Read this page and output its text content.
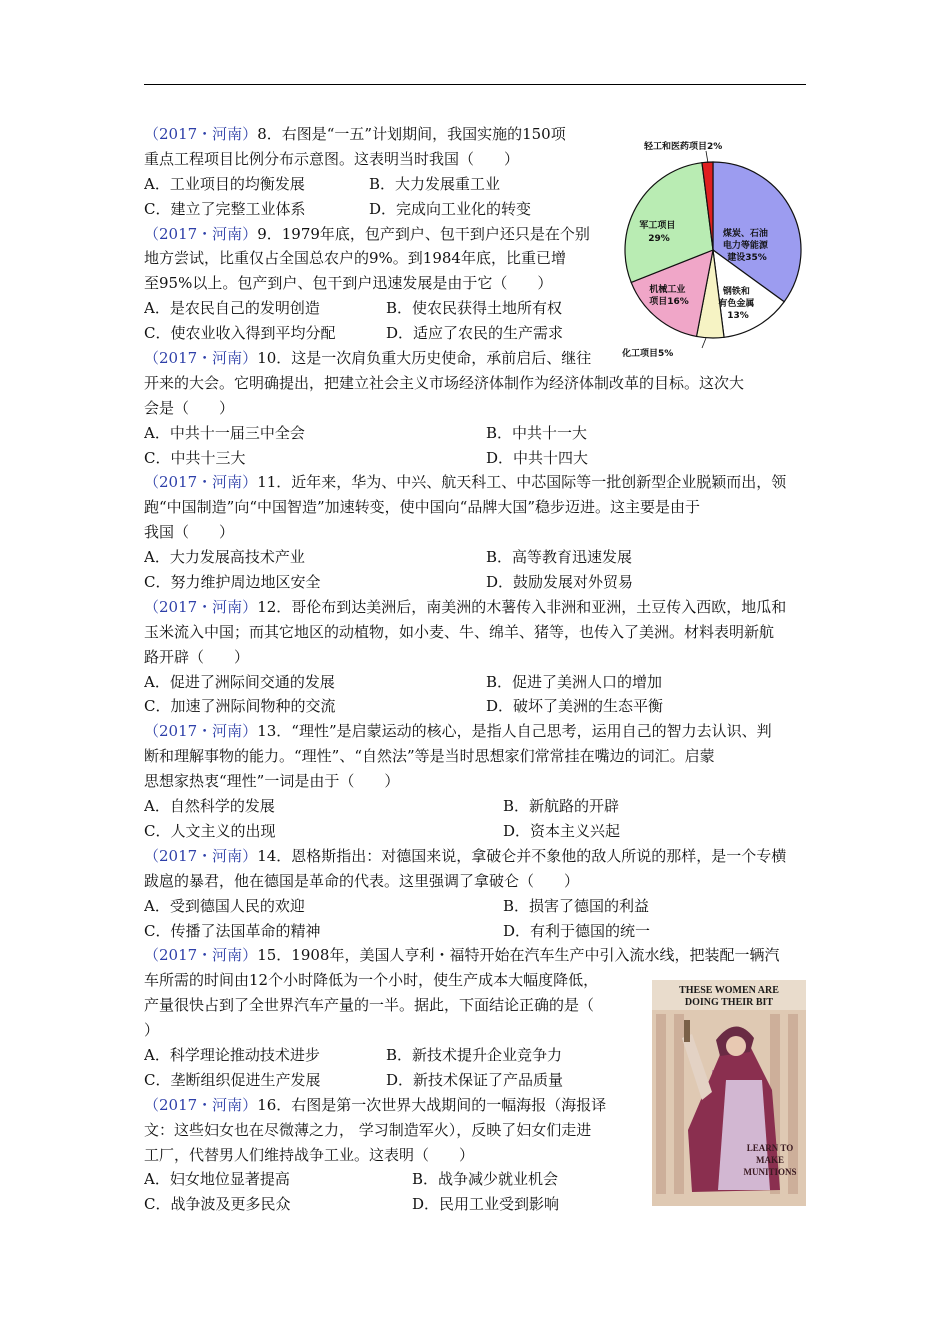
（2017・河南）8．右图是“一五”计划期间，我国实施的150项
重点工程项目比例分布示意图。这表明当时我国（　　）
A．工业项目的均衡发展	B．大力发展重工业
C．建立了完整工业体系	D．完成向工业化的转变
（2017・河南）9．1979年底，包产到户、包干到户还只是在个别
地方尝试，比重仅占全国总农户的9%。到1984年底，比重已增
至95%以上。包产到户、包干到户迅速发展是由于它（　　）
A．是农民自己的发明创造	B．使农民获得土地所有权
C．使农业收入得到平均分配	D．适应了农民的生产需求
（2017・河南）10．这是一次肩负重大历史使命，承前启后、继往
开来的大会。它明确提出，把建立社会主义市场经济体制作为经济体制改革的目标。这次大
会是（　　）
A．中共十一届三中全会	B．中共十一大
C．中共十三大	D．中共十四大
（2017・河南）11．近年来，华为、中兴、航天科工、中芯国际等一批创新型企业脱颖而出，领
跑“中国制造”向“中国智造”加速转变，使中国向“品牌大国”稳步迈进。这主要是由于
我国（　　）
A．大力发展高技术产业	B．高等教育迅速发展
C．努力维护周边地区安全	D．鼓励发展对外贸易
（2017・河南）12．哥伦布到达美洲后，南美洲的木薯传入非洲和亚洲，土豆传入西欧，地瓜和
玉米流入中国；而其它地区的动植物，如小麦、牛、绵羊、猪等，也传入了美洲。材料表明新航
路开辟（　　）
A．促进了洲际间交通的发展	B．促进了美洲人口的增加
C．加速了洲际间物种的交流	D．破坏了美洲的生态平衡
（2017・河南）13．“理性”是启蒙运动的核心，是指人自己思考，运用自己的智力去认识、判
断和理解事物的能力。“理性”、“自然法”等是当时思想家们常常挂在嘴边的词汇。启蒙
思想家热衷“理性”一词是由于（　　）
A．自然科学的发展	B．新航路的开辟
C．人文主义的出现	D．资本主义兴起
（2017・河南）14．恩格斯指出：对德国来说，拿破仑并不象他的敌人所说的那样，是一个专横
跋扈的暴君，他在德国是革命的代表。这里强调了拿破仑（　　）
A．受到德国人民的欢迎	B．损害了德国的利益
C．传播了法国革命的精神	D．有利于德国的统一
（2017・河南）15．1908年，美国人亨利・福特开始在汽车生产中引入流水线，把装配一辆汽
车所需的时间由12个小时降低为一个小时，使生产成本大幅度降低，
产量很快占到了全世界汽车产量的一半。据此，下面结论正确的是（
）
A．科学理论推动技术进步	B．新技术提升企业竞争力
C．垄断组织促进生产发展	D．新技术保证了产品质量
（2017・河南）16．右图是第一次世界大战期间的一幅海报（海报译
文：这些妇女也在尽微薄之力， 学习制造军火），反映了妇女们走进
工厂，代替男人们维持战争工业。这表明（　　）
A．妇女地位显著提高	B．战争减少就业机会
C．战争波及更多民众	D．民用工业受到影响
轻工和医药项目2%
煤炭、石油 电力等能源 建设35%
钢铁和 有色金属 13%
军工项目 29%
机械工业 项目16%
化工项目5%
THESE WOMEN ARE
DOING THEIR BIT
LEARN TO
MAKE
MUNITIONS
